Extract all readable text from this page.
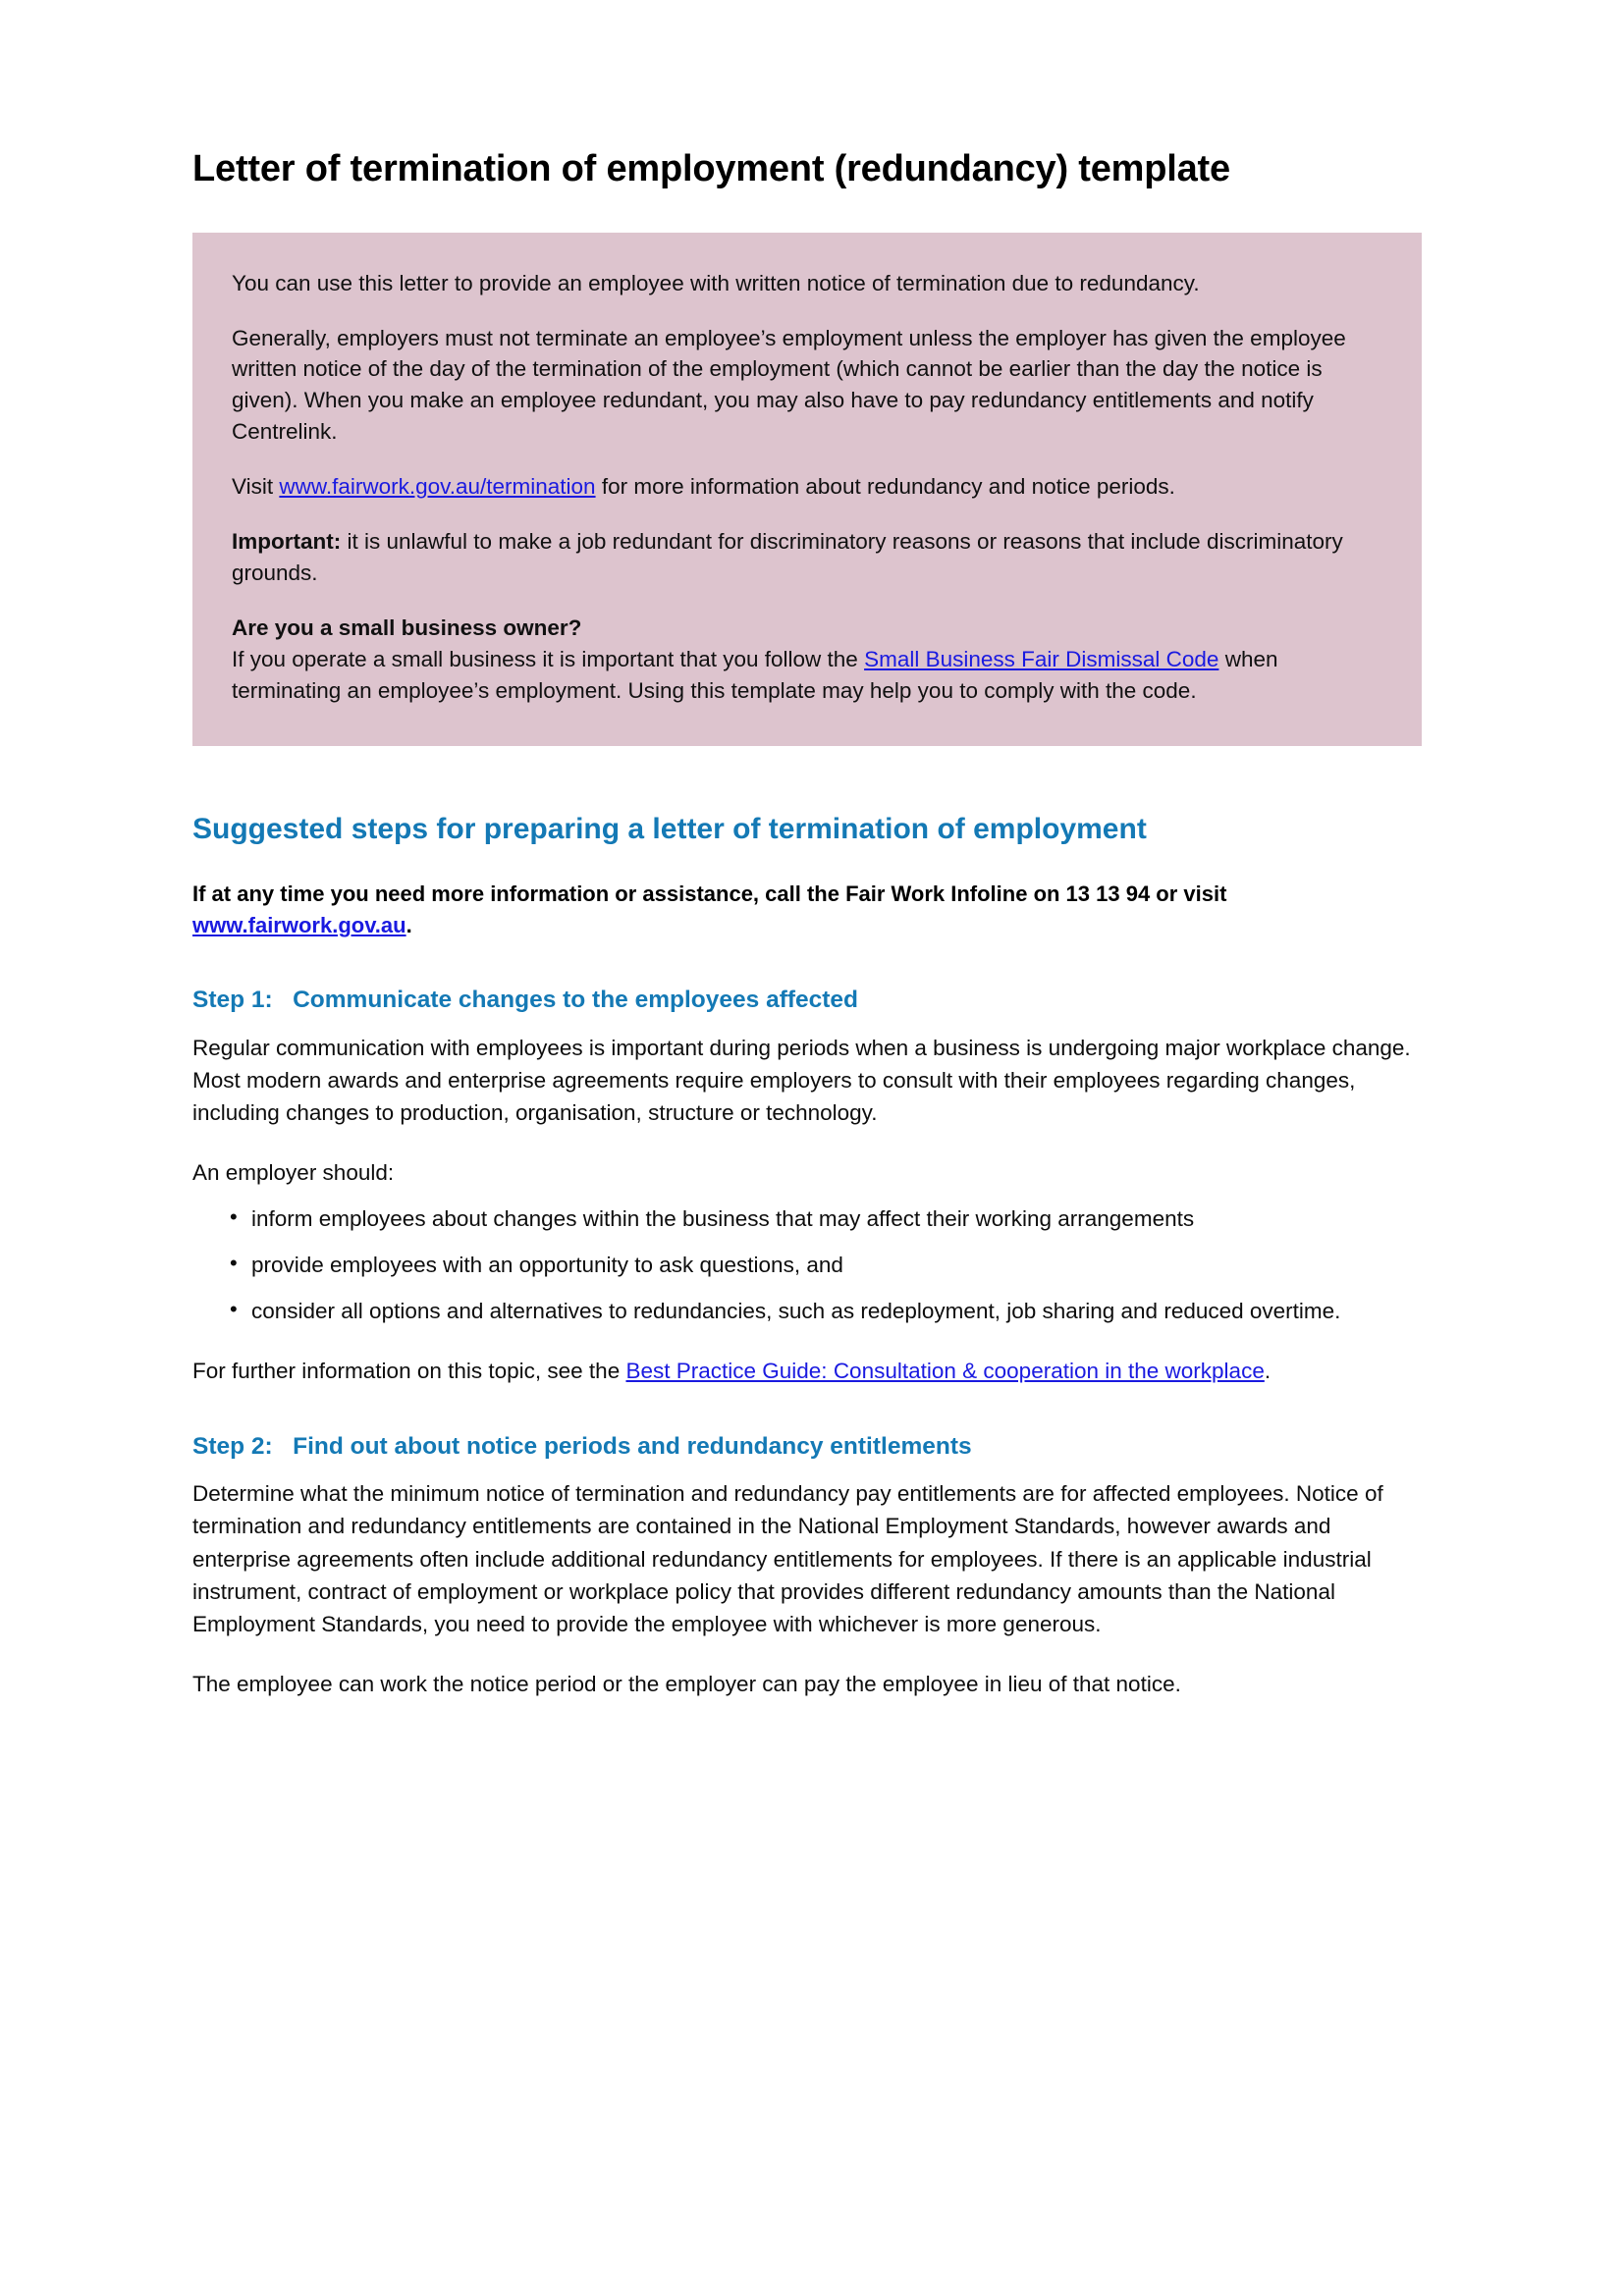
Letter of termination of employment (redundancy) template

You can use this letter to provide an employee with written notice of termination due to redundancy.

Generally, employers must not terminate an employee’s employment unless the employer has given the employee written notice of the day of the termination of the employment (which cannot be earlier than the day the notice is given). When you make an employee redundant, you may also have to pay redundancy entitlements and notify Centrelink.

Visit www.fairwork.gov.au/termination for more information about redundancy and notice periods.

Important: it is unlawful to make a job redundant for discriminatory reasons or reasons that include discriminatory grounds.

Are you a small business owner?

If you operate a small business it is important that you follow the Small Business Fair Dismissal Code when terminating an employee’s employment. Using this template may help you to comply with the code.

Suggested steps for preparing a letter of termination of employment

If at any time you need more information or assistance, call the Fair Work Infoline on 13 13 94 or visit www.fairwork.gov.au.

Step 1: Communicate changes to the employees affected

Regular communication with employees is important during periods when a business is undergoing major workplace change. Most modern awards and enterprise agreements require employers to consult with their employees regarding changes, including changes to production, organisation, structure or technology.

An employer should:

• inform employees about changes within the business that may affect their working arrangements
• provide employees with an opportunity to ask questions, and
• consider all options and alternatives to redundancies, such as redeployment, job sharing and reduced overtime.

For further information on this topic, see the Best Practice Guide: Consultation & cooperation in the workplace.

Step 2: Find out about notice periods and redundancy entitlements

Determine what the minimum notice of termination and redundancy pay entitlements are for affected employees. Notice of termination and redundancy entitlements are contained in the National Employment Standards, however awards and enterprise agreements often include additional redundancy entitlements for employees. If there is an applicable industrial instrument, contract of employment or workplace policy that provides different redundancy amounts than the National Employment Standards, you need to provide the employee with whichever is more generous.

The employee can work the notice period or the employer can pay the employee in lieu of that notice.
